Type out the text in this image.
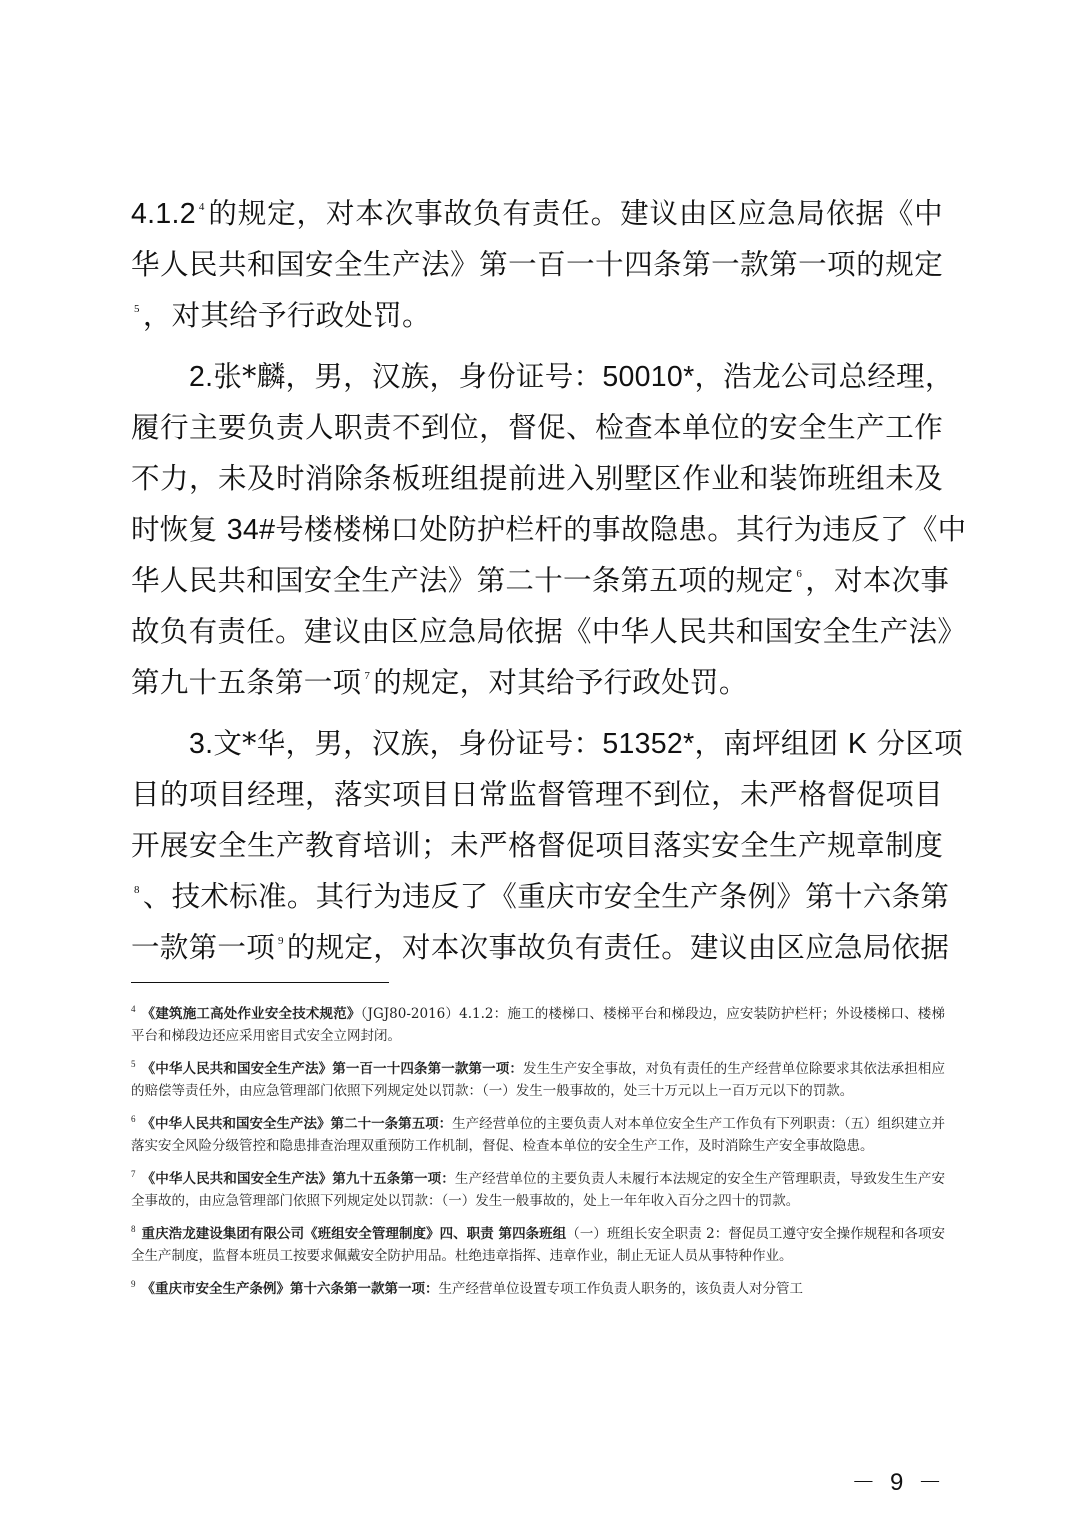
4.1.2 $^4$ 的规定，对本次事故负有责任。建议由区应急局依据《中
华人民共和国安全生产法》第一百一十四条第一款第一项的规定
$^5$ ，对其给予行政处罚。
2.张*麟，男，汉族，身份证号：50010*，浩龙公司总经理，
履行主要负责人职责不到位，督促、检查本单位的安全生产工作
不力，未及时消除条板班组提前进入别墅区作业和装饰班组未及
时恢复 34#号楼楼梯口处防护栏杆的事故隐患。其行为违反了《中
华人民共和国安全生产法》第二十一条第五项的规定 $^6$ ，对本次事
故负有责任。建议由区应急局依据《中华人民共和国安全生产法》
第九十五条第一项 $^7$ 的规定，对其给予行政处罚。
3.文*华，男，汉族，身份证号：51352*，南坪组团 K 分区项
目的项目经理，落实项目日常监督管理不到位，未严格督促项目
开展安全生产教育培训；未严格督促项目落实安全生产规章制度
$^8$ 、技术标准。其行为违反了《重庆市安全生产条例》第十六条第
一款第一项 $^9$ 的规定，对本次事故负有责任。建议由区应急局依据
$^4$ 《建筑施工高处作业安全技术规范》（JGJ80-2016）4.1.2：施工的楼梯口、楼梯平台和梯段边，应安装防护栏杆；外设楼梯口、楼梯平台和梯段边还应采用密目式安全立网封闭。
$^5$ 《中华人民共和国安全生产法》第一百一十四条第一款第一项：发生生产安全事故，对负有责任的生产经营单位除要求其依法承担相应的赔偿等责任外，由应急管理部门依照下列规定处以罚款：（一）发生一般事故的，处三十万元以上一百万元以下的罚款。
$^6$ 《中华人民共和国安全生产法》第二十一条第五项：生产经营单位的主要负责人对本单位安全生产工作负有下列职责：（五）组织建立并落实安全风险分级管控和隐患排查治理双重预防工作机制，督促、检查本单位的安全生产工作，及时消除生产安全事故隐患。
$^7$ 《中华人民共和国安全生产法》第九十五条第一项：生产经营单位的主要负责人未履行本法规定的安全生产管理职责，导致发生生产安全事故的，由应急管理部门依照下列规定处以罚款：（一）发生一般事故的，处上一年年收入百分之四十的罚款。
$^8$ 重庆浩龙建设集团有限公司《班组安全管理制度》四、职责 第四条班组（一）班组长安全职责 2：督促员工遵守安全操作规程和各项安全生产制度，监督本班员工按要求佩戴安全防护用品。杜绝违章指挥、违章作业，制止无证人员从事特种作业。
$^9$ 《重庆市安全生产条例》第十六条第一款第一项：生产经营单位设置专项工作负责人职务的，该负责人对分管工
－ 9 －
